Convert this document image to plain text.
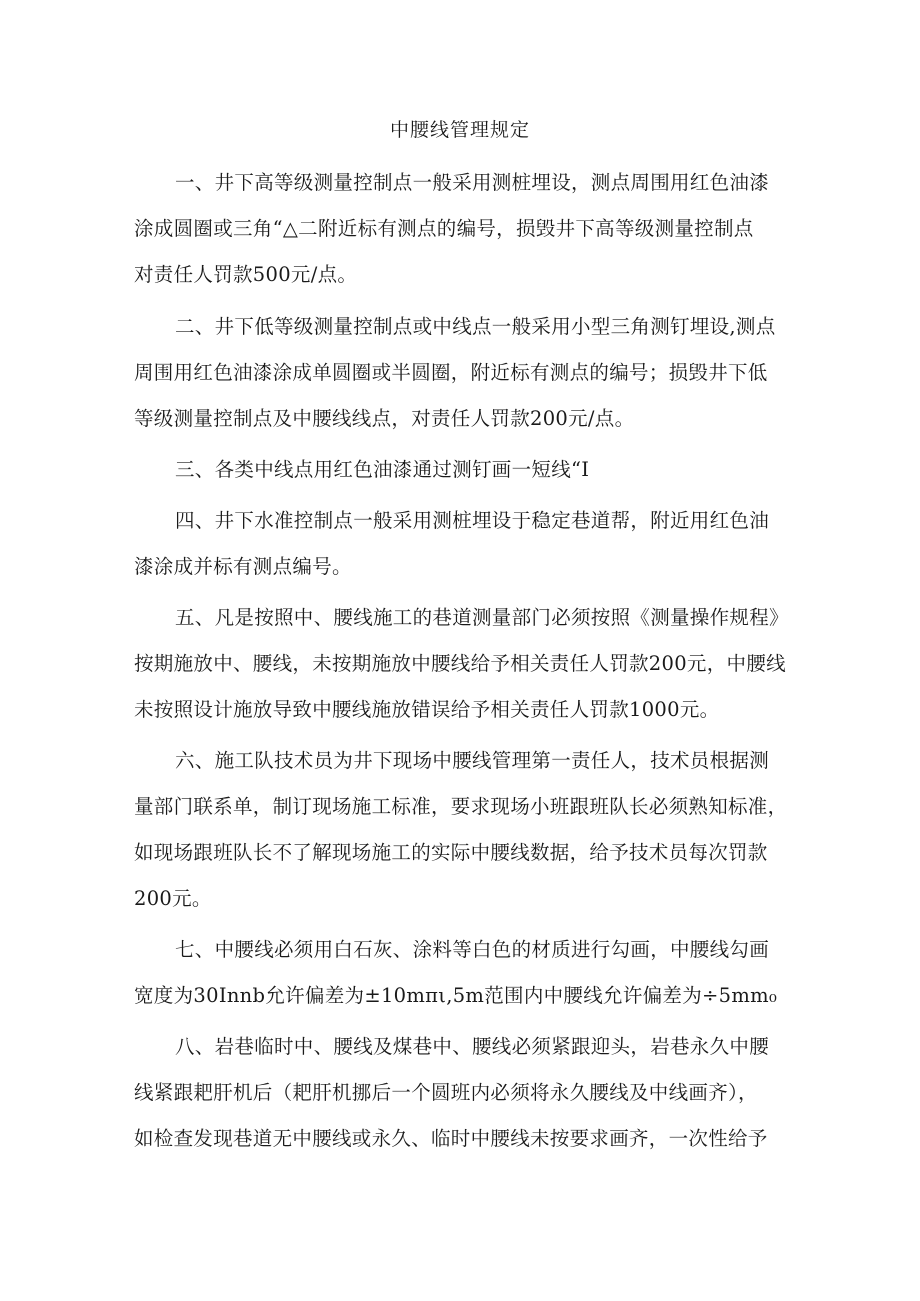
中腰线管理规定
一、井下高等级测量控制点一般采用测桩埋设，测点周围用红色油漆
涂成圆圈或三角“△二附近标有测点的编号，损毁井下高等级测量控制点
对责任人罚款500元/点。
二、井下低等级测量控制点或中线点一般采用小型三角测钉埋设,测点
周围用红色油漆涂成单圆圈或半圆圈，附近标有测点的编号；损毁井下低
等级测量控制点及中腰线线点，对责任人罚款200元/点。
三、各类中线点用红色油漆通过测钉画一短线“I
四、井下水准控制点一般采用测桩埋设于稳定巷道帮，附近用红色油
漆涂成并标有测点编号。
五、凡是按照中、腰线施工的巷道测量部门必须按照《测量操作规程》
按期施放中、腰线，未按期施放中腰线给予相关责任人罚款200元，中腰线
未按照设计施放导致中腰线施放错误给予相关责任人罚款1000元。
六、施工队技术员为井下现场中腰线管理第一责任人，技术员根据测
量部门联系单，制订现场施工标准，要求现场小班跟班队长必须熟知标准，
如现场跟班队长不了解现场施工的实际中腰线数据，给予技术员每次罚款
200元。
七、中腰线必须用白石灰、涂料等白色的材质进行勾画，中腰线勾画
宽度为30Innb允许偏差为±10mπι,5m范围内中腰线允许偏差为÷5mm₀
八、岩巷临时中、腰线及煤巷中、腰线必须紧跟迎头，岩巷永久中腰
线紧跟耙肝机后（耙肝机挪后一个圆班内必须将永久腰线及中线画齐），
如检查发现巷道无中腰线或永久、临时中腰线未按要求画齐，一次性给予
